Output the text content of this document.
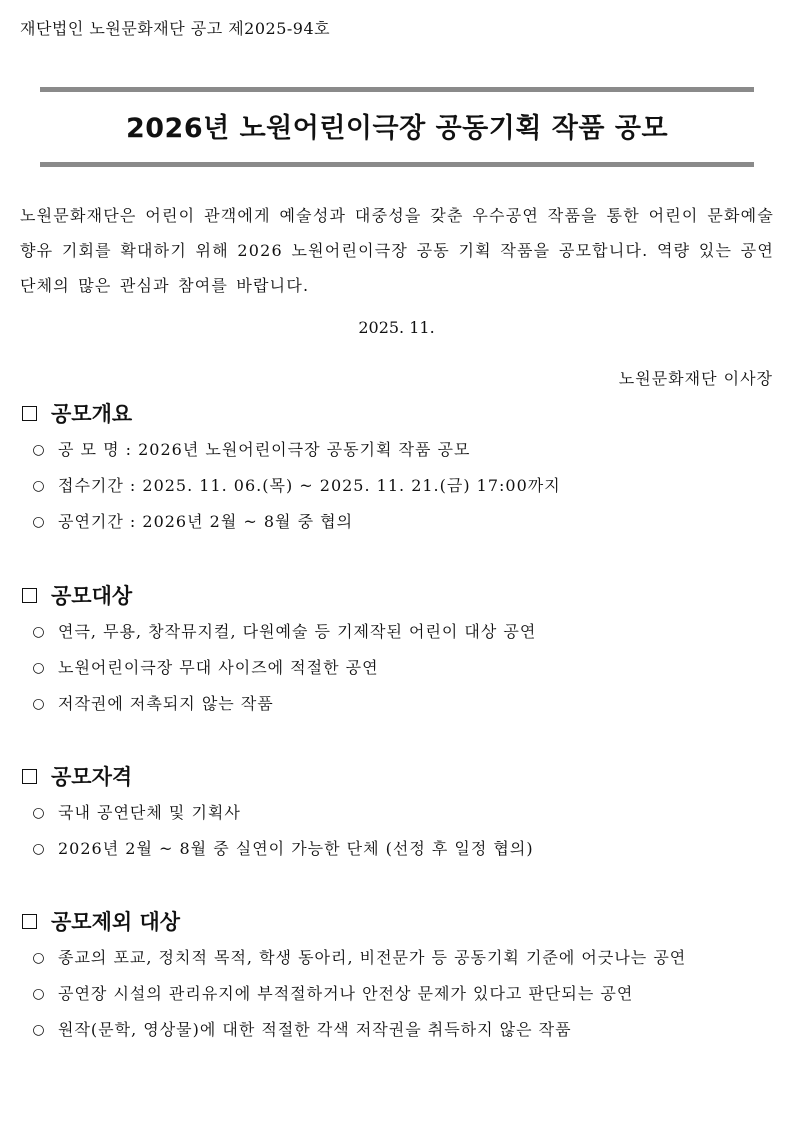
재단법인 노원문화재단 공고 제2025-94호
2026년 노원어린이극장 공동기획 작품 공모
노원문화재단은 어린이 관객에게 예술성과 대중성을 갖춘 우수공연 작품을 통한 어린이 문화예술 향유 기회를 확대하기 위해 2026 노원어린이극장 공동 기획 작품을 공모합니다. 역량 있는 공연 단체의 많은 관심과 참여를 바랍니다.
2025. 11.
노원문화재단 이사장
공모개요
○ 공 모 명 : 2026년 노원어린이극장 공동기획 작품 공모
○ 접수기간 : 2025. 11. 06.(목) ~ 2025. 11. 21.(금) 17:00까지
○ 공연기간 : 2026년 2월 ~ 8월 중 협의
공모대상
○ 연극, 무용, 창작뮤지컬, 다원예술 등 기제작된 어린이 대상 공연
○ 노원어린이극장 무대 사이즈에 적절한 공연
○ 저작권에 저촉되지 않는 작품
공모자격
○ 국내 공연단체 및 기획사
○ 2026년 2월 ~ 8월 중 실연이 가능한 단체 (선정 후 일정 협의)
공모제외 대상
○ 종교의 포교, 정치적 목적, 학생 동아리, 비전문가 등 공동기획 기준에 어긋나는 공연
○ 공연장 시설의 관리유지에 부적절하거나 안전상 문제가 있다고 판단되는 공연
○ 원작(문학, 영상물)에 대한 적절한 각색 저작권을 취득하지 않은 작품
